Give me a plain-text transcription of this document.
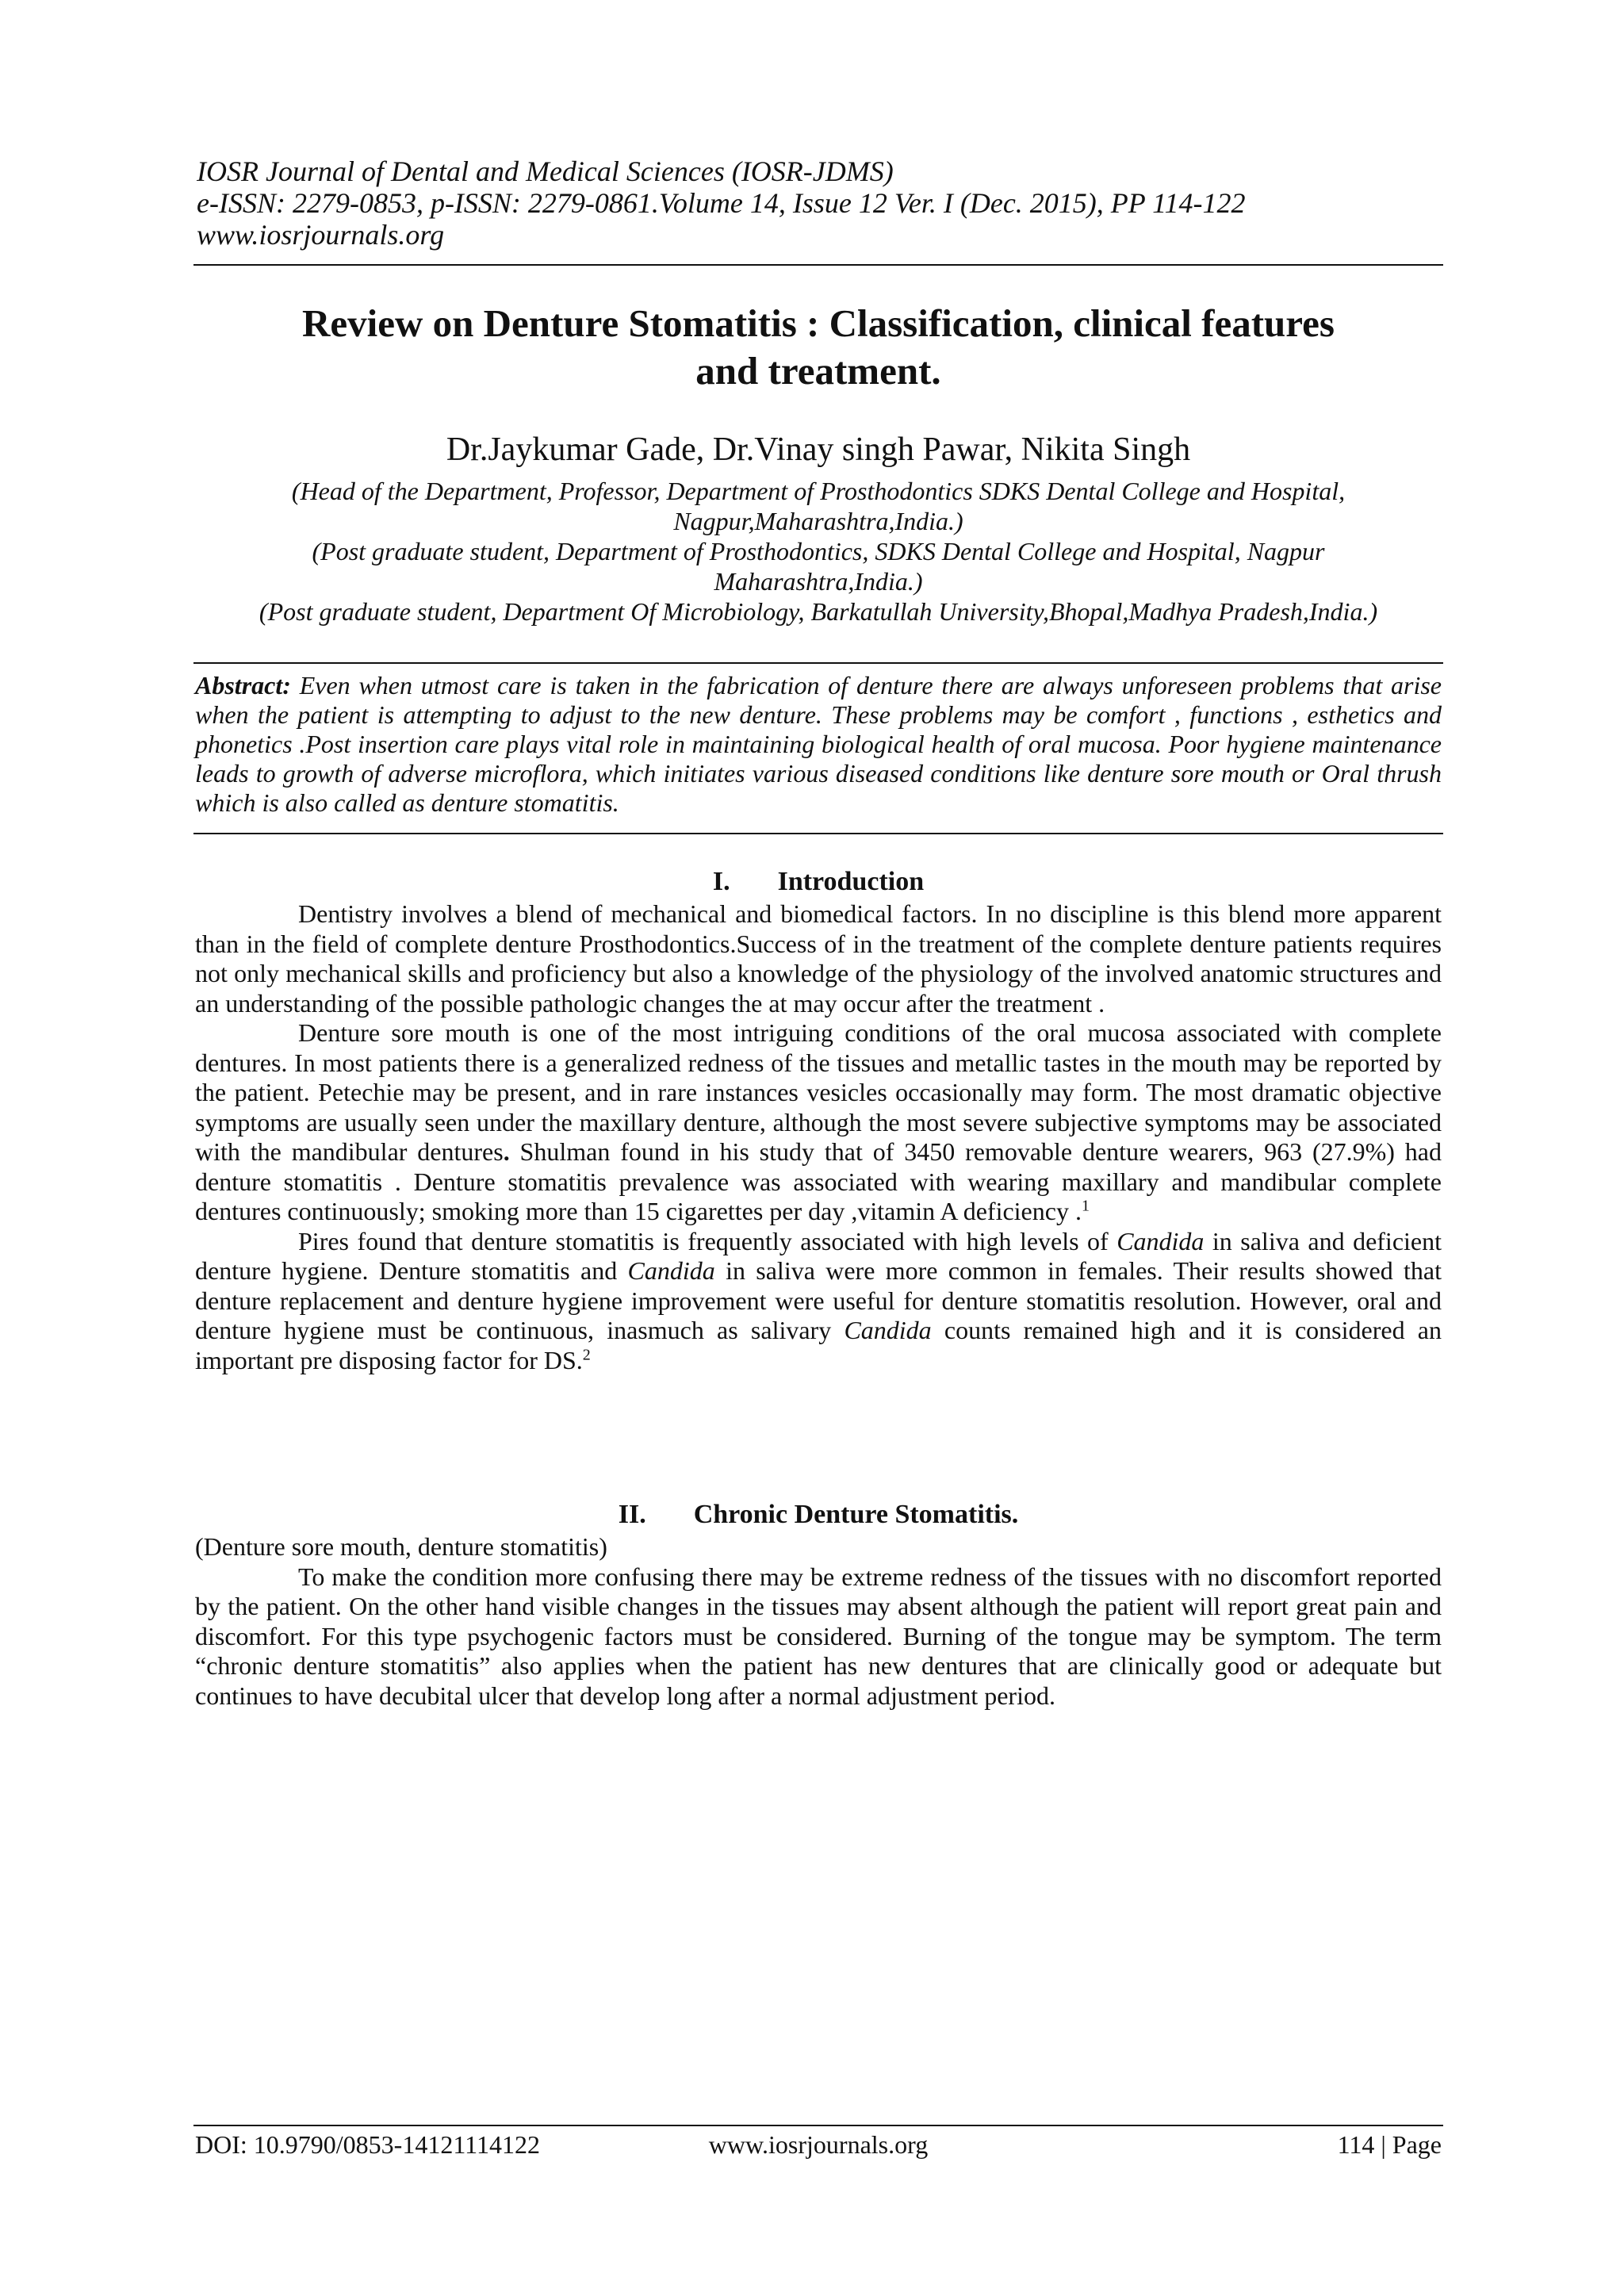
IOSR Journal of Dental and Medical Sciences (IOSR-JDMS)
e-ISSN: 2279-0853, p-ISSN: 2279-0861.Volume 14, Issue 12 Ver. I (Dec. 2015), PP 114-122
www.iosrjournals.org
Review on Denture Stomatitis : Classification, clinical features
and treatment.
Dr.Jaykumar Gade, Dr.Vinay singh Pawar, Nikita Singh
(Head of the Department, Professor, Department of Prosthodontics SDKS Dental College and Hospital,
Nagpur,Maharashtra,India.)
(Post graduate student, Department of Prosthodontics, SDKS Dental College and Hospital, Nagpur
Maharashtra,India.)
(Post graduate student, Department Of Microbiology, Barkatullah University,Bhopal,Madhya Pradesh,India.)
Abstract: Even when utmost care is taken in the fabrication of denture there are always unforeseen problems that arise when the patient is attempting to adjust to the new denture. These problems may be comfort , functions , esthetics and phonetics .Post insertion care plays vital role in maintaining biological health of oral mucosa. Poor hygiene maintenance leads to growth of adverse microflora, which initiates various diseased conditions like denture sore mouth or Oral thrush which is also called as denture stomatitis.
I. Introduction

Dentistry involves a blend of mechanical and biomedical factors. In no discipline is this blend more apparent than in the field of complete denture Prosthodontics.Success of in the treatment of the complete denture patients requires not only mechanical skills and proficiency but also a knowledge of the physiology of the involved anatomic structures and an understanding of the possible pathologic changes the at may occur after the treatment .

Denture sore mouth is one of the most intriguing conditions of the oral mucosa associated with complete dentures. In most patients there is a generalized redness of the tissues and metallic tastes in the mouth may be reported by the patient. Petechie may be present, and in rare instances vesicles occasionally may form. The most dramatic objective symptoms are usually seen under the maxillary denture, although the most severe subjective symptoms may be associated with the mandibular dentures. Shulman found in his study that of 3450 removable denture wearers, 963 (27.9%) had denture stomatitis . Denture stomatitis prevalence was associated with wearing maxillary and mandibular complete dentures continuously; smoking more than 15 cigarettes per day ,vitamin A deficiency .$^1$

Pires found that denture stomatitis is frequently associated with high levels of Candida in saliva and deficient denture hygiene. Denture stomatitis and Candida in saliva were more common in females. Their results showed that denture replacement and denture hygiene improvement were useful for denture stomatitis resolution. However, oral and denture hygiene must be continuous, inasmuch as salivary Candida counts remained high and it is considered an important pre disposing factor for DS.$^2$

II. Chronic Denture Stomatitis.

(Denture sore mouth, denture stomatitis)

To make the condition more confusing there may be extreme redness of the tissues with no discomfort reported by the patient. On the other hand visible changes in the tissues may absent although the patient will report great pain and discomfort. For this type psychogenic factors must be considered. Burning of the tongue may be symptom. The term “chronic denture stomatitis” also applies when the patient has new dentures that are clinically good or adequate but continues to have decubital ulcer that develop long after a normal adjustment period.

DOI: 10.9790/0853-14121114122	www.iosrjournals.org	114 | Page
